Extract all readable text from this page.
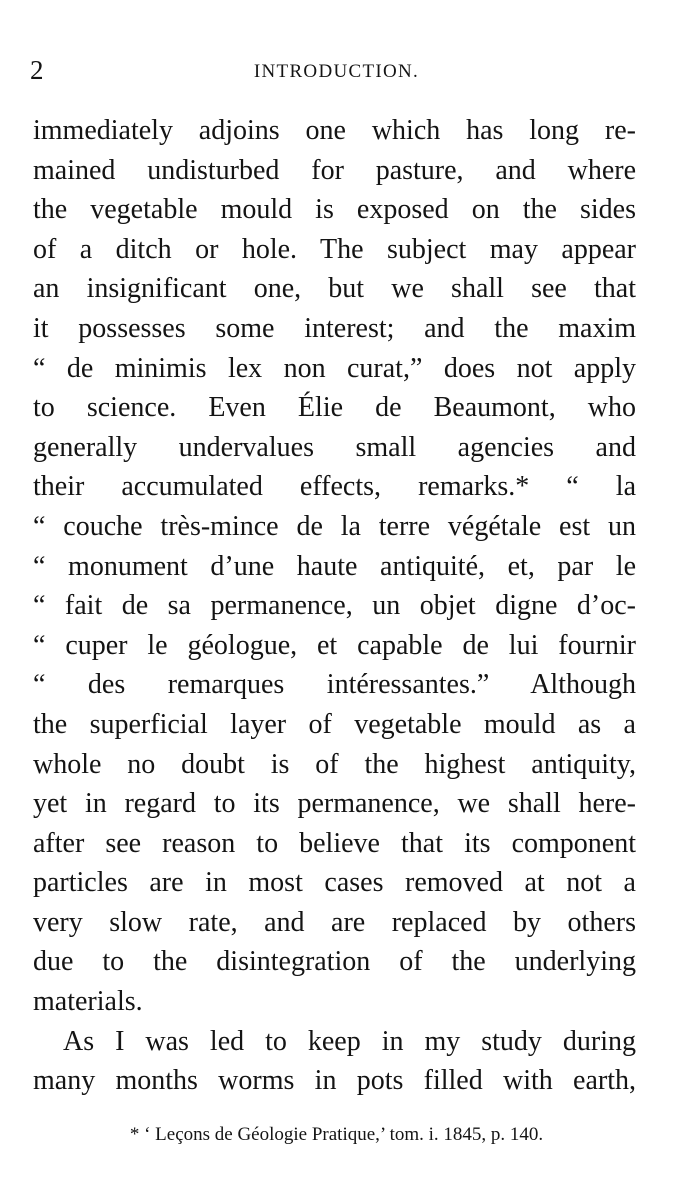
2	INTRODUCTION.
immediately adjoins one which has long re-
mained undisturbed for pasture, and where
the vegetable mould is exposed on the sides
of a ditch or hole. The subject may appear
an insignificant one, but we shall see that
it possesses some interest; and the maxim
“ de minimis lex non curat,” does not apply
to science. Even Élie de Beaumont, who
generally undervalues small agencies and
their accumulated effects, remarks.* “ la
“ couche très-mince de la terre végétale est un
“ monument d’une haute antiquité, et, par le
“ fait de sa permanence, un objet digne d’oc-
“ cuper le géologue, et capable de lui fournir
“ des remarques intéressantes.” Although
the superficial layer of vegetable mould as a
whole no doubt is of the highest antiquity,
yet in regard to its permanence, we shall here-
after see reason to believe that its component
particles are in most cases removed at not a
very slow rate, and are replaced by others
due to the disintegration of the underlying
materials.
As I was led to keep in my study during
many months worms in pots filled with earth,
* ‘ Leçons de Géologie Pratique,’ tom. i. 1845, p. 140.
